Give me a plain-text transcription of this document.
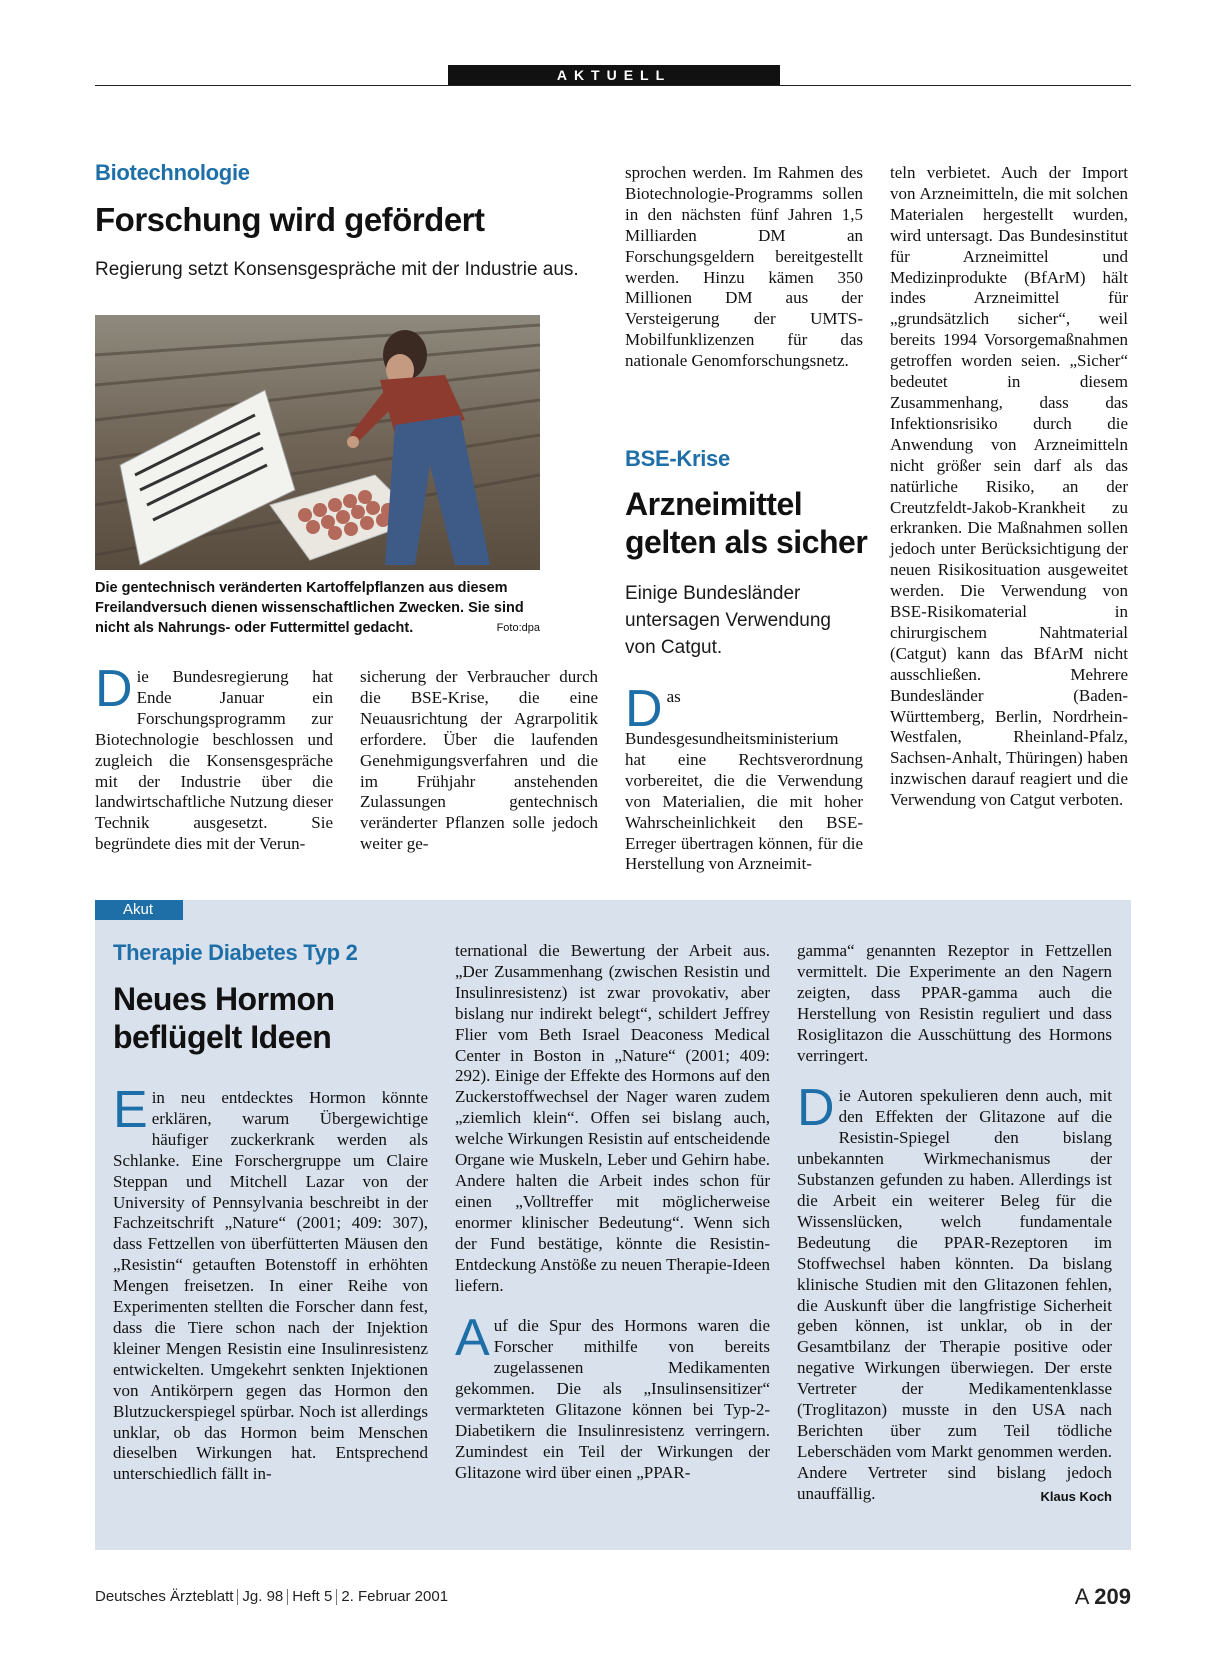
AKTUELL
Biotechnologie
Forschung wird gefördert
Regierung setzt Konsensgespräche mit der Industrie aus.
Die gentechnisch veränderten Kartoffelpflanzen aus diesem Freilandversuch dienen wissenschaftlichen Zwecken. Sie sind nicht als Nahrungs- oder Futtermittel gedacht.	Foto:dpa
Die Bundesregierung hat Ende Januar ein Forschungsprogramm zur Biotechnologie beschlossen und zugleich die Konsensgespräche mit der Industrie über die landwirtschaftliche Nutzung dieser Technik ausgesetzt. Sie begründete dies mit der Verun-
sicherung der Verbraucher durch die BSE-Krise, die eine Neuausrichtung der Agrarpolitik erfordere. Über die laufenden Genehmigungsverfahren und die im Frühjahr anstehenden Zulassungen gentechnisch veränderter Pflanzen solle jedoch weiter ge-
sprochen werden. Im Rahmen des Biotechnologie-Programms sollen in den nächsten fünf Jahren 1,5 Milliarden DM an Forschungsgeldern bereitgestellt werden. Hinzu kämen 350 Millionen DM aus der Versteigerung der UMTS-Mobilfunklizenzen für das nationale Genomforschungsnetz.
BSE-Krise
Arzneimittel
gelten als sicher
Einige Bundesländer untersagen Verwendung von Catgut.
Das Bundesgesundheitsministerium hat eine Rechtsverordnung vorbereitet, die die Verwendung von Materialien, die mit hoher Wahrscheinlichkeit den BSE-Erreger übertragen können, für die Herstellung von Arzneimit-
teln verbietet. Auch der Import von Arzneimitteln, die mit solchen Materialen hergestellt wurden, wird untersagt. Das Bundesinstitut für Arzneimittel und Medizinprodukte (BfArM) hält indes Arzneimittel für „grundsätzlich sicher“, weil bereits 1994 Vorsorgemaßnahmen getroffen worden seien. „Sicher“ bedeutet in diesem Zusammenhang, dass das Infektionsrisiko durch die Anwendung von Arzneimitteln nicht größer sein darf als das natürliche Risiko, an der Creutzfeldt-Jakob-Krankheit zu erkranken. Die Maßnahmen sollen jedoch unter Berücksichtigung der neuen Risikosituation ausgeweitet werden. Die Verwendung von BSE-Risikomaterial in chirurgischem Nahtmaterial (Catgut) kann das BfArM nicht ausschließen. Mehrere Bundesländer (Baden-Württemberg, Berlin, Nordrhein-Westfalen, Rheinland-Pfalz, Sachsen-Anhalt, Thüringen) haben inzwischen darauf reagiert und die Verwendung von Catgut verboten.
Akut
Therapie Diabetes Typ 2
Neues Hormon
beflügelt Ideen
Ein neu entdecktes Hormon könnte erklären, warum Übergewichtige häufiger zuckerkrank werden als Schlanke. Eine Forschergruppe um Claire Steppan und Mitchell Lazar von der University of Pennsylvania beschreibt in der Fachzeitschrift „Nature“ (2001; 409: 307), dass Fettzellen von überfütterten Mäusen den „Resistin“ getauften Botenstoff in erhöhten Mengen freisetzen. In einer Reihe von Experimenten stellten die Forscher dann fest, dass die Tiere schon nach der Injektion kleiner Mengen Resistin eine Insulinresistenz entwickelten. Umgekehrt senkten Injektionen von Antikörpern gegen das Hormon den Blutzuckerspiegel spürbar. Noch ist allerdings unklar, ob das Hormon beim Menschen dieselben Wirkungen hat. Entsprechend unterschiedlich fällt in-

ternational die Bewertung der Arbeit aus. „Der Zusammenhang (zwischen Resistin und Insulinresistenz) ist zwar provokativ, aber bislang nur indirekt belegt“, schildert Jeffrey Flier vom Beth Israel Deaconess Medical Center in Boston in „Nature“ (2001; 409: 292). Einige der Effekte des Hormons auf den Zuckerstoffwechsel der Nager waren zudem „ziemlich klein“. Offen sei bislang auch, welche Wirkungen Resistin auf entscheidende Organe wie Muskeln, Leber und Gehirn habe. Andere halten die Arbeit indes schon für einen „Volltreffer mit möglicherweise enormer klinischer Bedeutung“. Wenn sich der Fund bestätige, könnte die Resistin-Entdeckung Anstöße zu neuen Therapie-Ideen liefern.

Auf die Spur des Hormons waren die Forscher mithilfe von bereits zugelassenen Medikamenten gekommen. Die als „Insulinsensitizer“ vermarkteten Glitazone können bei Typ-2-Diabetikern die Insulinresistenz verringern. Zumindest ein Teil der Wirkungen der Glitazone wird über einen „PPAR-

gamma“ genannten Rezeptor in Fettzellen vermittelt. Die Experimente an den Nagern zeigten, dass PPAR-gamma auch die Herstellung von Resistin reguliert und dass Rosiglitazon die Ausschüttung des Hormons verringert.

Die Autoren spekulieren denn auch, mit den Effekten der Glitazone auf die Resistin-Spiegel den bislang unbekannten Wirkmechanismus der Substanzen gefunden zu haben. Allerdings ist die Arbeit ein weiterer Beleg für die Wissenslücken, welch fundamentale Bedeutung die PPAR-Rezeptoren im Stoffwechsel haben könnten. Da bislang klinische Studien mit den Glitazonen fehlen, die Auskunft über die langfristige Sicherheit geben können, ist unklar, ob in der Gesamtbilanz der Therapie positive oder negative Wirkungen überwiegen. Der erste Vertreter der Medikamentenklasse (Troglitazon) musste in den USA nach Berichten über zum Teil tödliche Leberschäden vom Markt genommen werden. Andere Vertreter sind bislang jedoch unauffällig.	Klaus Koch

Deutsches Ärzteblatt Jg. 98 Heft 5 2. Februar 2001	A 209
